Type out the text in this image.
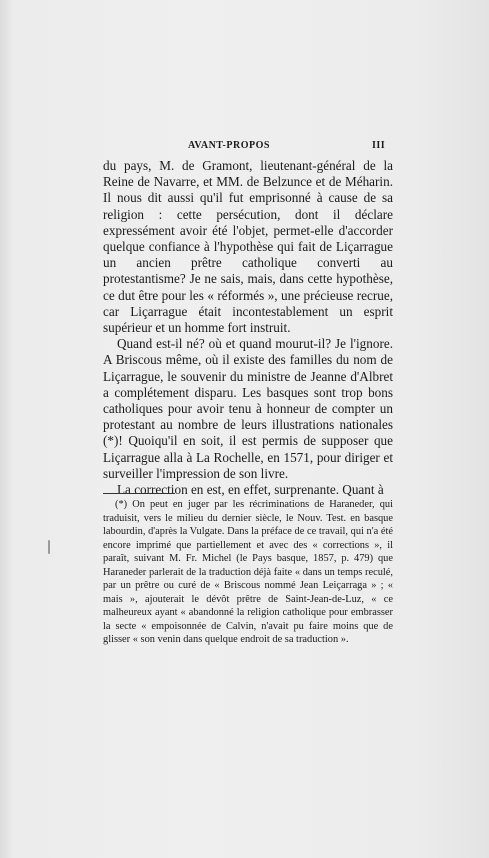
AVANT-PROPOS	III

du pays, M. de Gramont, lieutenant-général de la Reine de Navarre, et MM. de Belzunce et de Méharin. Il nous dit aussi qu'il fut emprisonné à cause de sa religion : cette persécution, dont il déclare expressément avoir été l'objet, permet-elle d'accorder quelque confiance à l'hypothèse qui fait de Liçarrague un ancien prêtre catholique converti au protestantisme? Je ne sais, mais, dans cette hypothèse, ce dut être pour les « réformés », une précieuse recrue, car Liçarrague était incontestablement un esprit supérieur et un homme fort instruit.

Quand est-il né? où et quand mourut-il? Je l'ignore. A Briscous même, où il existe des familles du nom de Liçarrague, le souvenir du ministre de Jeanne d'Albret a complétement disparu. Les basques sont trop bons catholiques pour avoir tenu à honneur de compter un protestant au nombre de leurs illustrations nationales (*)! Quoiqu'il en soit, il est permis de supposer que Liçarrague alla à La Rochelle, en 1571, pour diriger et surveiller l'impression de son livre.

La correction en est, en effet, surprenante. Quant à

(*) On peut en juger par les récriminations de Haraneder, qui traduisit, vers le milieu du dernier siècle, le Nouv. Test. en basque labourdin, d'après la Vulgate. Dans la préface de ce travail, qui n'a été encore imprimé que partiellement et avec des « corrections », il paraît, suivant M. Fr. Michel (le Pays basque, 1857, p. 479) que Haraneder parlerait de la traduction déjà faite « dans un temps reculé, par un prêtre ou curé de « Briscous nommé Jean Leiçarraga » ; « mais », ajouterait le dévôt prêtre de Saint-Jean-de-Luz, « ce malheureux ayant « abandonné la religion catholique pour embrasser la secte « empoisonnée de Calvin, n'avait pu faire moins que de glisser « son venin dans quelque endroit de sa traduction ».
